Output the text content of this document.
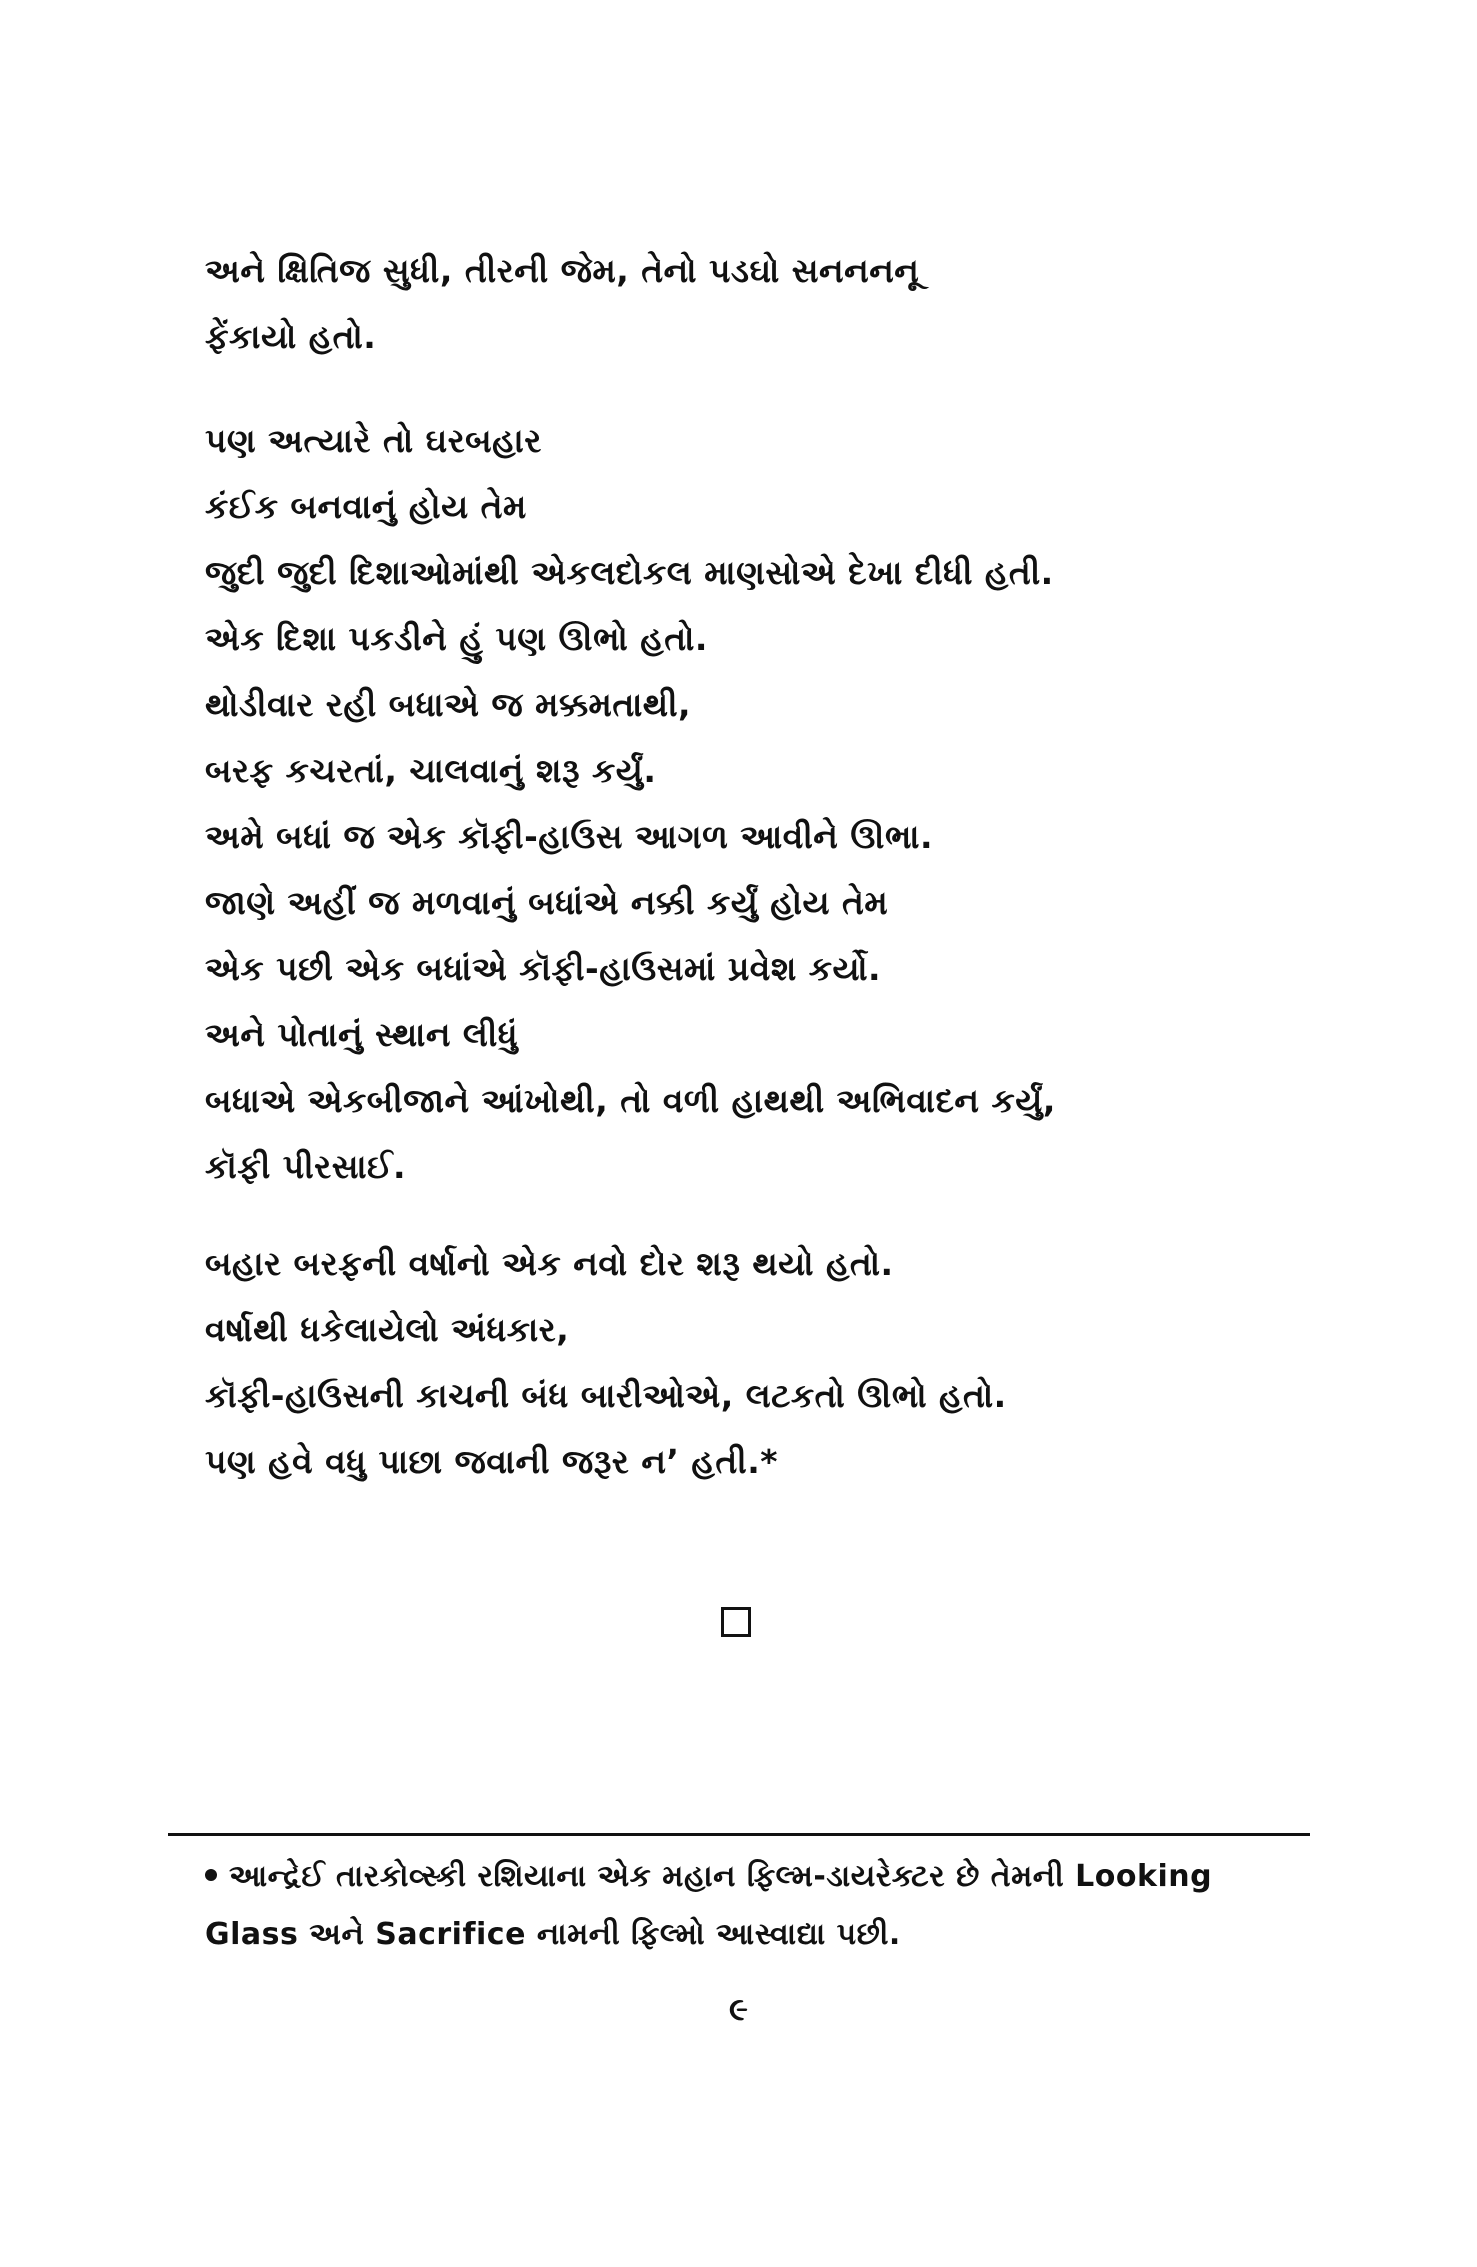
અને ક્ષિતિજ સુધી, તીરની જેમ, તેનો પડઘો સનનનનૂ
ફેંકાયો હતો.
પણ અત્યારે તો ઘરબહાર
કંઈક બનવાનું હોય તેમ
જુદી જુદી દિશાઓમાંથી એકલદોકલ માણસોએ દેખા દીધી હતી.
એક દિશા પકડીને હું પણ ઊભો હતો.
થોડીવાર રહી બધાએ જ મક્કમતાથી,
બરફ કચરતાં, ચાલવાનું શરૂ કર્યું.
અમે બધાં જ એક કૉફી-હાઉસ આગળ આવીને ઊભા.
જાણે અહીં જ મળવાનું બધાંએ નક્કી કર્યું હોય તેમ
એક પછી એક બધાંએ કૉફી-હાઉસમાં પ્રવેશ કર્યો.
અને પોતાનું સ્થાન લીધું
બધાએ એકબીજાને આંખોથી, તો વળી હાથથી અભિવાદન કર્યું,
કૉફી પીરસાઈ.
બહાર બરફની વર્ષાનો એક નવો દોર શરૂ થયો હતો.
વર્ષાથી ધકેલાયેલો અંધકાર,
કૉફી-હાઉસની કાચની બંધ બારીઓએ, લટકતો ઊભો હતો.
પણ હવે વધુ પાછા જવાની જરૂર ન’ હતી.*
આન્દ્રેઈ તારકોવ્સ્કી રશિયાના એક મહાન ફિલ્મ-ડાયરેક્ટર છે તેમની Looking
Glass અને Sacrifice નામની ફિલ્મો આસ્વાદ્યા પછી.
૯
